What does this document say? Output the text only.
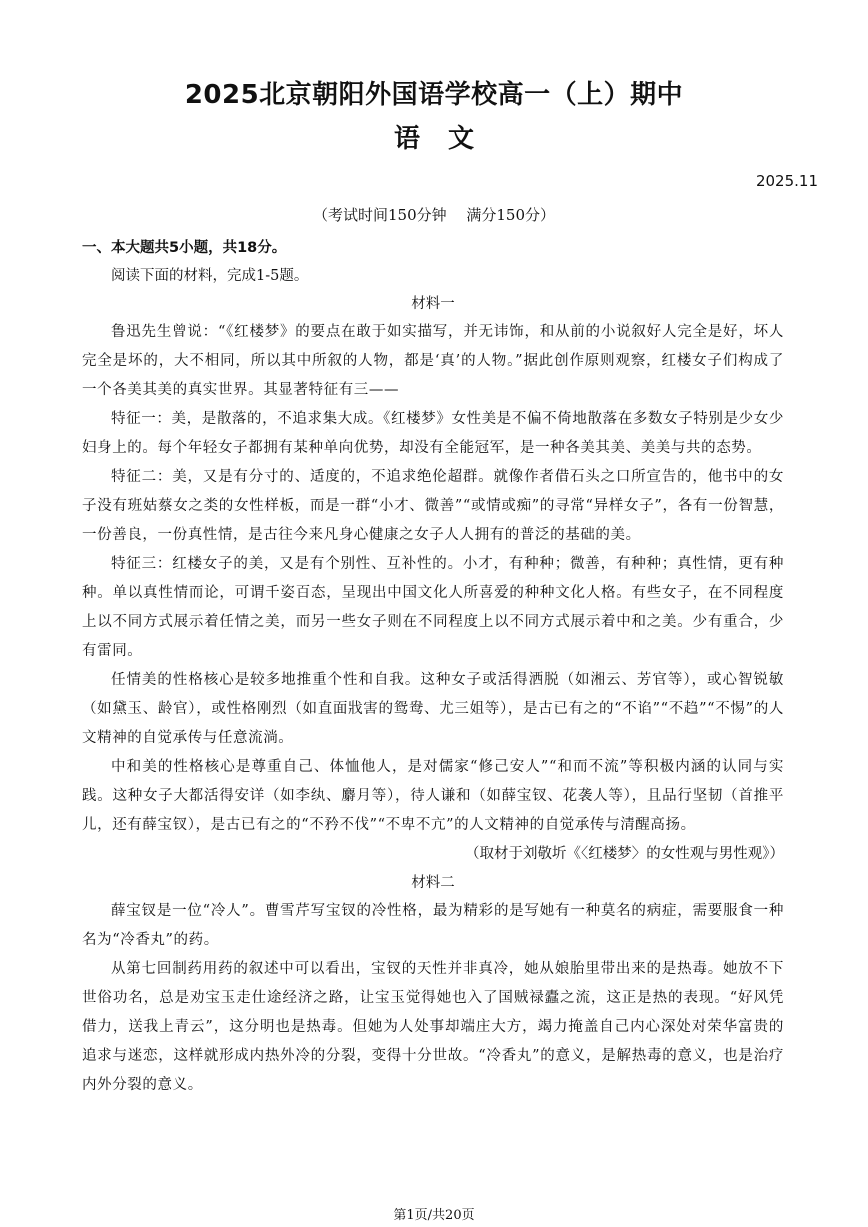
2025北京朝阳外国语学校高一（上）期中
语文
2025.11
（考试时间150分钟　 满分150分）

一、本大题共5小题，共18分。

阅读下面的材料，完成1-5题。

材料一

鲁迅先生曾说：“《红楼梦》的要点在敢于如实描写，并无讳饰，和从前的小说叙好人完全是好，坏人完全是坏的，大不相同，所以其中所叙的人物，都是‘真’的人物。”据此创作原则观察，红楼女子们构成了一个各美其美的真实世界。其显著特征有三——

特征一：美，是散落的，不追求集大成。《红楼梦》女性美是不偏不倚地散落在多数女子特别是少女少妇身上的。每个年轻女子都拥有某种单向优势，却没有全能冠军，是一种各美其美、美美与共的态势。

特征二：美，又是有分寸的、适度的，不追求绝伦超群。就像作者借石头之口所宣告的，他书中的女子没有班姑蔡女之类的女性样板，而是一群“小才、微善”“或情或痴”的寻常“异样女子”，各有一份智慧，一份善良，一份真性情，是古往今来凡身心健康之女子人人拥有的普泛的基础的美。

特征三：红楼女子的美，又是有个别性、互补性的。小才，有种种；微善，有种种；真性情，更有种种。单以真性情而论，可谓千姿百态，呈现出中国文化人所喜爱的种种文化人格。有些女子，在不同程度上以不同方式展示着任情之美，而另一些女子则在不同程度上以不同方式展示着中和之美。少有重合，少有雷同。

任情美的性格核心是较多地推重个性和自我。这种女子或活得洒脱（如湘云、芳官等），或心智锐敏（如黛玉、龄官），或性格刚烈（如直面戕害的鸳鸯、尤三姐等），是古已有之的“不谄”“不趋”“不惕”的人文精神的自觉承传与任意流淌。

中和美的性格核心是尊重自己、体恤他人，是对儒家“修己安人”“和而不流”等积极内涵的认同与实践。这种女子大都活得安详（如李纨、麝月等），待人谦和（如薛宝钗、花袭人等），且品行坚韧（首推平儿，还有薛宝钗），是古已有之的“不矜不伐”“不卑不亢”的人文精神的自觉承传与清醒高扬。

（取材于刘敬圻《〈红楼梦〉的女性观与男性观》）

材料二

薛宝钗是一位“冷人”。曹雪芹写宝钗的冷性格，最为精彩的是写她有一种莫名的病症，需要服食一种名为“冷香丸”的药。

从第七回制药用药的叙述中可以看出，宝钗的天性并非真冷，她从娘胎里带出来的是热毒。她放不下世俗功名，总是劝宝玉走仕途经济之路，让宝玉觉得她也入了国贼禄蠹之流，这正是热的表现。“好风凭借力，送我上青云”，这分明也是热毒。但她为人处事却端庄大方，竭力掩盖自己内心深处对荣华富贵的追求与迷恋，这样就形成内热外冷的分裂，变得十分世故。“冷香丸”的意义，是解热毒的意义，也是治疗内外分裂的意义。

第1页/共20页
